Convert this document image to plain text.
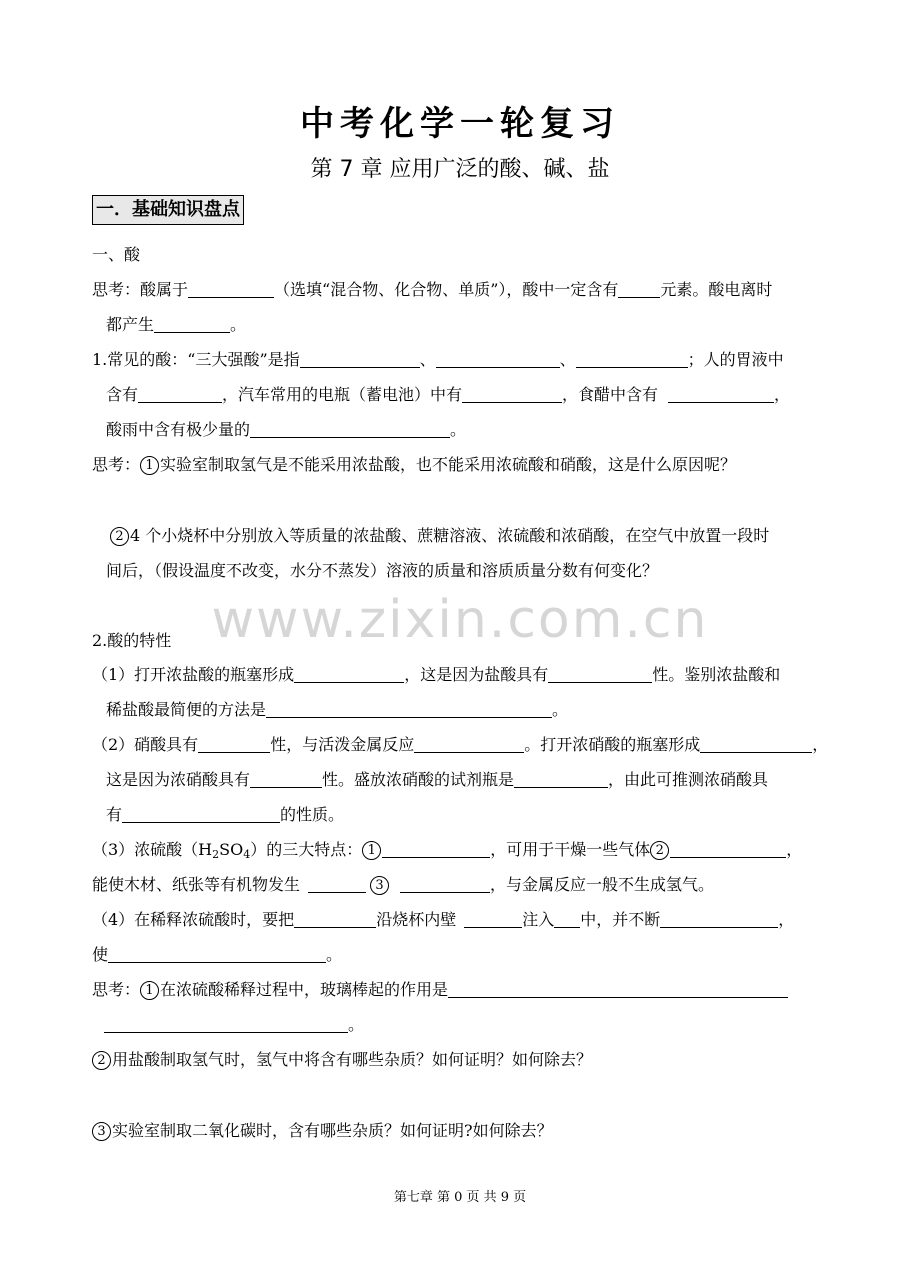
中考化学一轮复习
第 7 章 应用广泛的酸、碱、盐
一．基础知识盘点
一、酸
思考：酸属于	（选填“混合物、化合物、单质”），酸中一定含有	元素。酸电离时
都产生	。
1.常见的酸：“三大强酸”是指	、	、	；人的胃液中
含有	，汽车常用的电瓶（蓄电池）中有	，食醋中含有	，
酸雨中含有极少量的	。
思考： 1 实验室制取氢气是不能采用浓盐酸，也不能采用浓硫酸和硝酸，这是什么原因呢？
2 4 个小烧杯中分别放入等质量的浓盐酸、蔗糖溶液、浓硫酸和浓硝酸，在空气中放置一段时
间后，（假设温度不改变，水分不蒸发）溶液的质量和溶质质量分数有何变化？
www.zixin.com.cn
2.酸的特性
（1）打开浓盐酸的瓶塞形成	，这是因为盐酸具有	性。鉴别浓盐酸和
稀盐酸最简便的方法是	。
（2）硝酸具有	性，与活泼金属反应	。打开浓硝酸的瓶塞形成	，
这是因为浓硝酸具有	性。盛放浓硝酸的试剂瓶是	，由此可推测浓硝酸具
有	的性质。
（3）浓硫酸$(H_2SO_4)$的三大特点： 1	，可用于干燥一些气体 2	，
能使木材、纸张等有机物发生	3	，与金属反应一般不生成氢气。
（4）在稀释浓硫酸时，要把	沿烧杯内壁	注入 中，并不断	，
使	。
思考： 1 在浓硫酸稀释过程中，玻璃棒起的作用是
。
2 用盐酸制取氢气时，氢气中将含有哪些杂质？如何证明？如何除去？
3 实验室制取二氧化碳时，含有哪些杂质？如何证明?如何除去？
第七章 第 0 页 共 9 页
